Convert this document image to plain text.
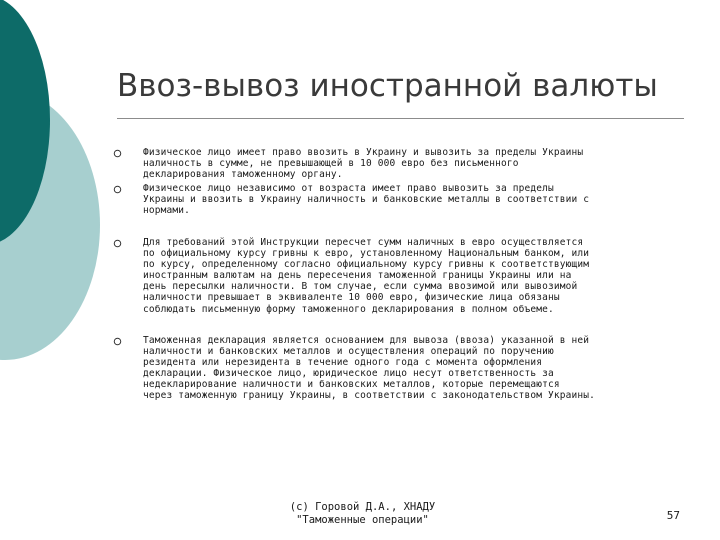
Ввоз-вывоз иностранной валюты

Физическое лицо имеет право ввозить в Украину и вывозить за пределы Украины
наличность в сумме, не превышающей в 10 000 евро без письменного
декларирования таможенному органу.

Физическое лицо независимо от возраста имеет право вывозить за пределы
Украины и ввозить в Украину наличность и банковские металлы в соответствии с
нормами.

Для требований этой Инструкции пересчет сумм наличных в евро осуществляется
по официальному курсу гривны к евро, установленному Национальным банком, или
по курсу, определенному согласно официальному курсу гривны к соответствующим
иностранным валютам на день пересечения таможенной границы Украины или на
день пересылки наличности. В том случае, если сумма ввозимой или вывозимой
наличности превышает в эквиваленте 10 000 евро, физические лица обязаны
соблюдать письменную форму таможенного декларирования в полном объеме.

Таможенная декларация является основанием для вывоза (ввоза) указанной в ней
наличности и банковских металлов и осуществления операций по поручению
резидента или нерезидента в течение одного года с момента оформления
декларации. Физическое лицо, юридическое лицо несут ответственность за
недекларирование наличности и банковских металлов, которые перемещаются
через таможенную границу Украины, в соответствии с законодательством Украины.

(с) Горовой Д.А., ХНАДУ
"Таможенные операции"	57
